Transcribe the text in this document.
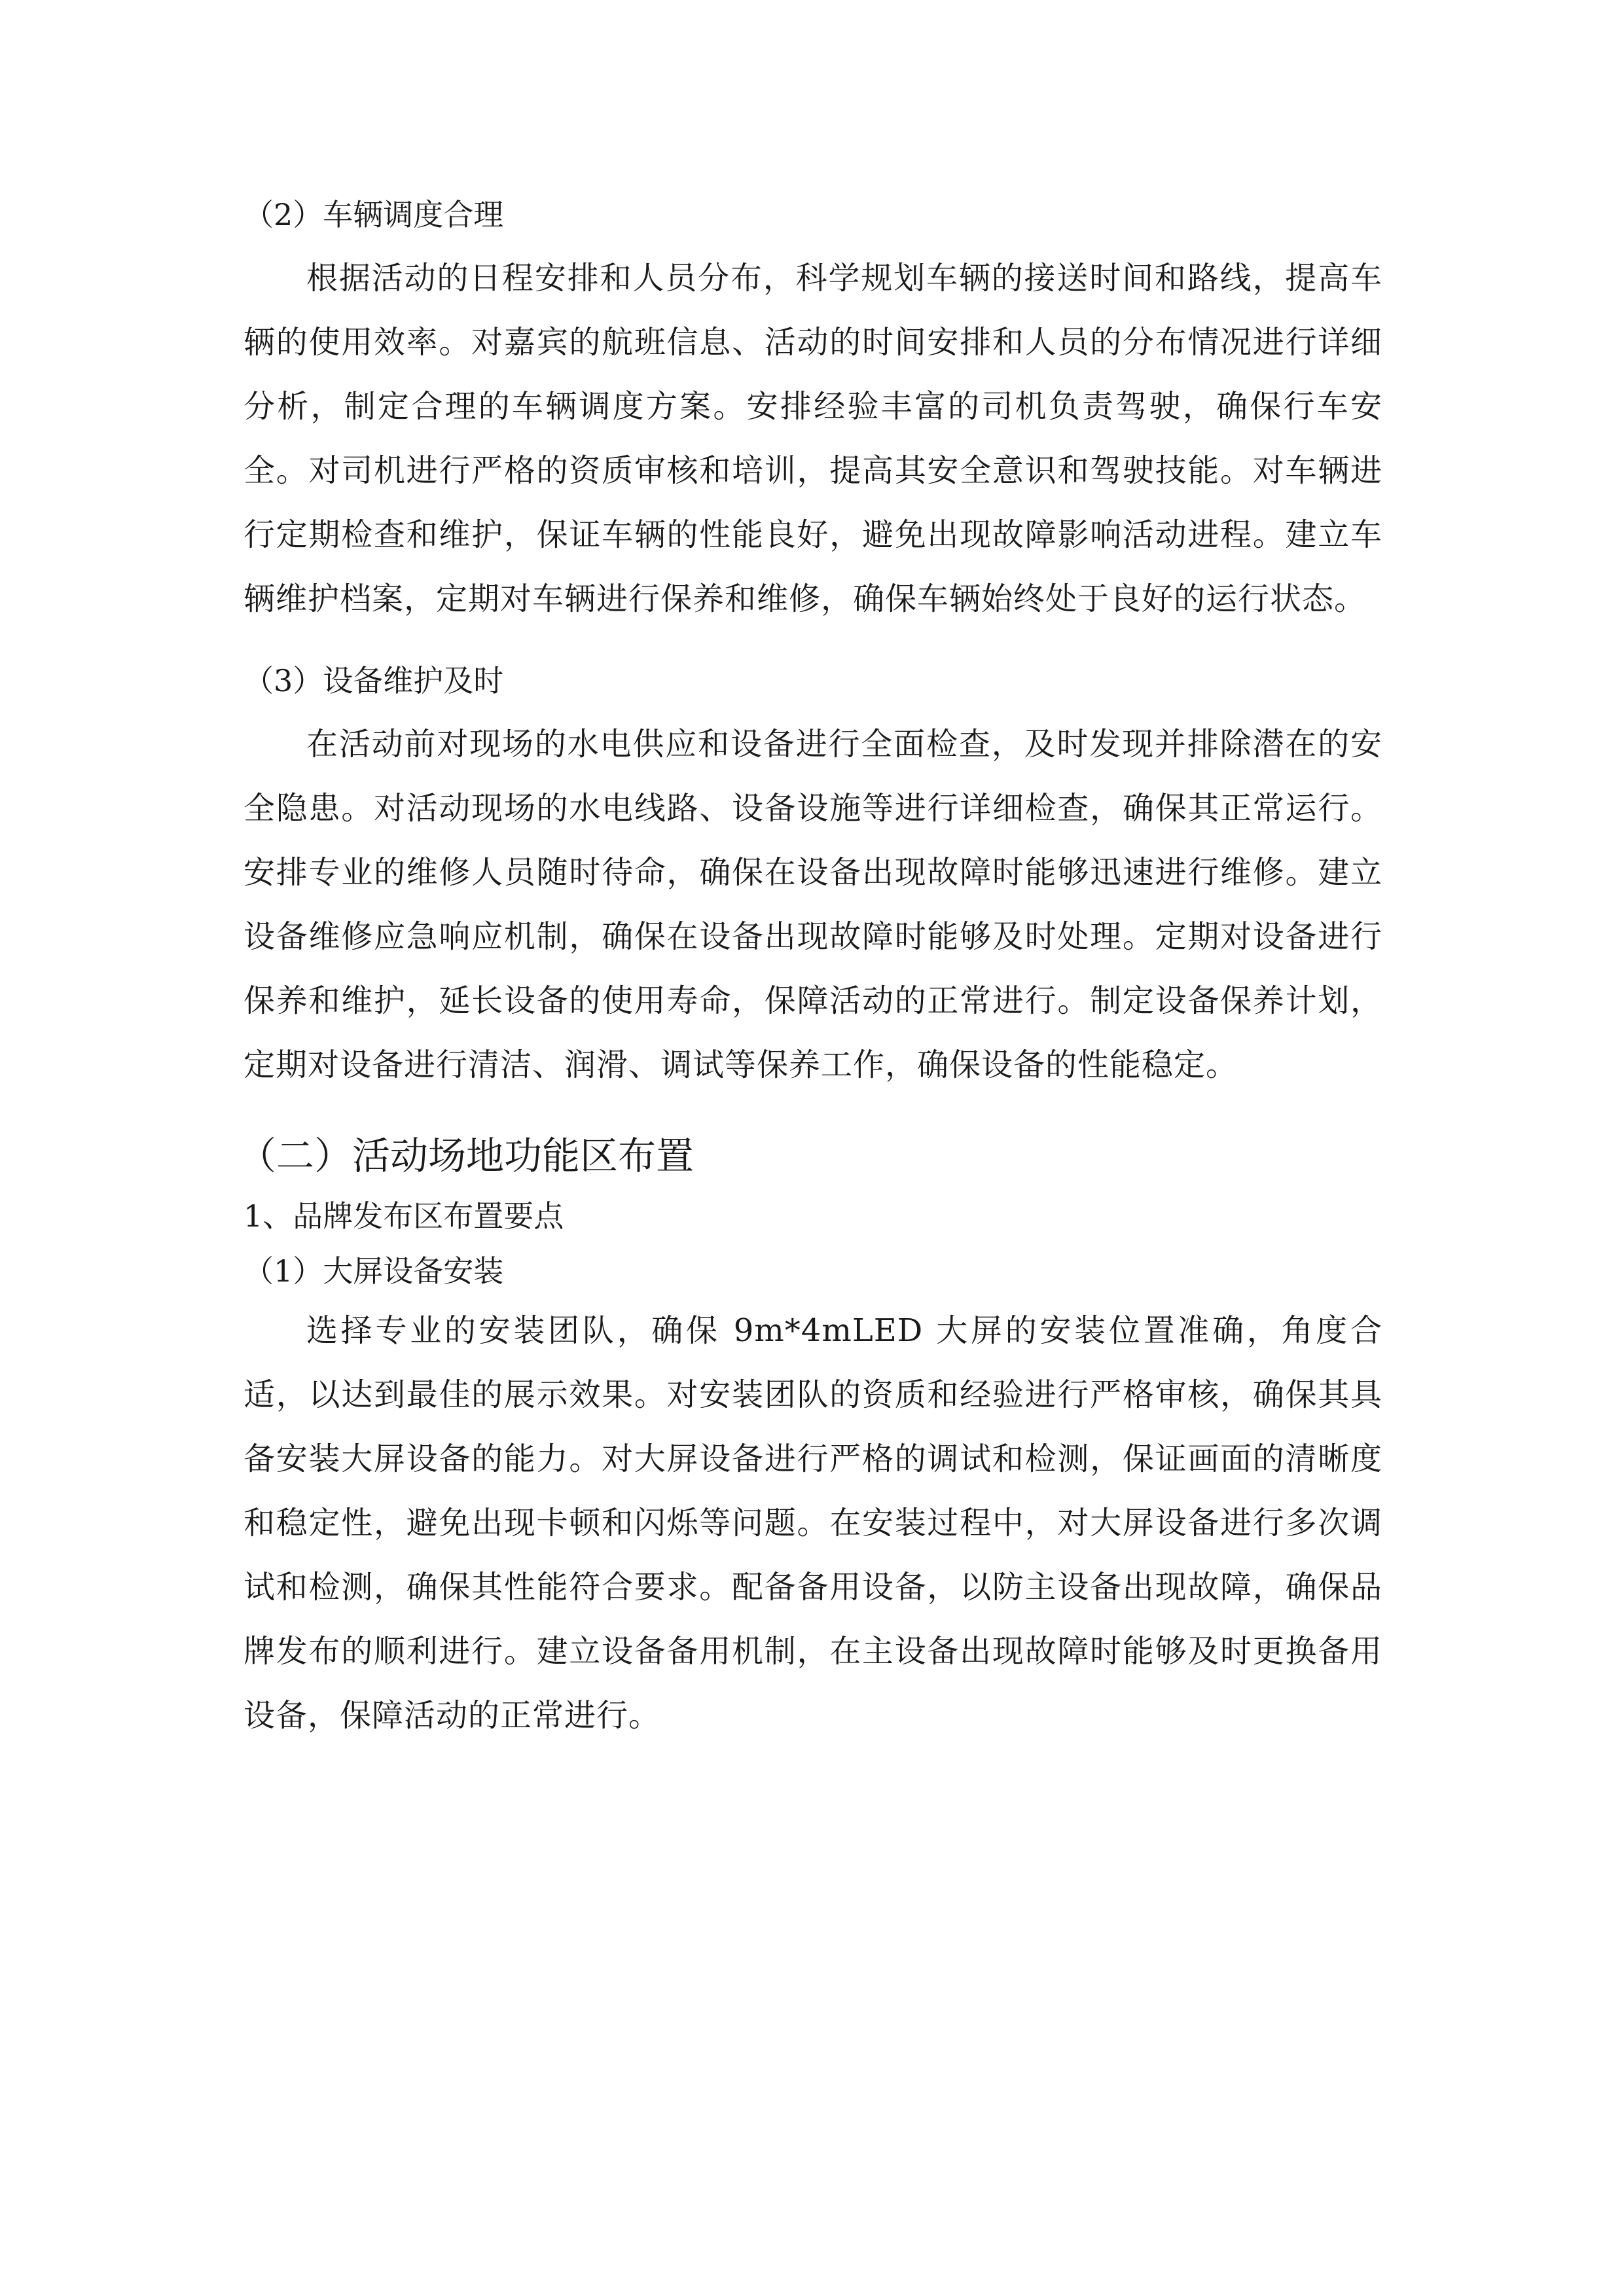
（2）车辆调度合理

根据活动的日程安排和人员分布，科学规划车辆的接送时间和路线，提高车辆的使用效率。对嘉宾的航班信息、活动的时间安排和人员的分布情况进行详细分析，制定合理的车辆调度方案。安排经验丰富的司机负责驾驶，确保行车安全。对司机进行严格的资质审核和培训，提高其安全意识和驾驶技能。对车辆进行定期检查和维护，保证车辆的性能良好，避免出现故障影响活动进程。建立车辆维护档案，定期对车辆进行保养和维修，确保车辆始终处于良好的运行状态。

（3）设备维护及时

在活动前对现场的水电供应和设备进行全面检查，及时发现并排除潜在的安全隐患。对活动现场的水电线路、设备设施等进行详细检查，确保其正常运行。安排专业的维修人员随时待命，确保在设备出现故障时能够迅速进行维修。建立设备维修应急响应机制，确保在设备出现故障时能够及时处理。定期对设备进行保养和维护，延长设备的使用寿命，保障活动的正常进行。制定设备保养计划，定期对设备进行清洁、润滑、调试等保养工作，确保设备的性能稳定。

（二）活动场地功能区布置

1、品牌发布区布置要点

（1）大屏设备安装

选择专业的安装团队，确保 9m*4mLED 大屏的安装位置准确，角度合适，以达到最佳的展示效果。对安装团队的资质和经验进行严格审核，确保其具备安装大屏设备的能力。对大屏设备进行严格的调试和检测，保证画面的清晰度和稳定性，避免出现卡顿和闪烁等问题。在安装过程中，对大屏设备进行多次调试和检测，确保其性能符合要求。配备备用设备，以防主设备出现故障，确保品牌发布的顺利进行。建立设备备用机制，在主设备出现故障时能够及时更换备用设备，保障活动的正常进行。
